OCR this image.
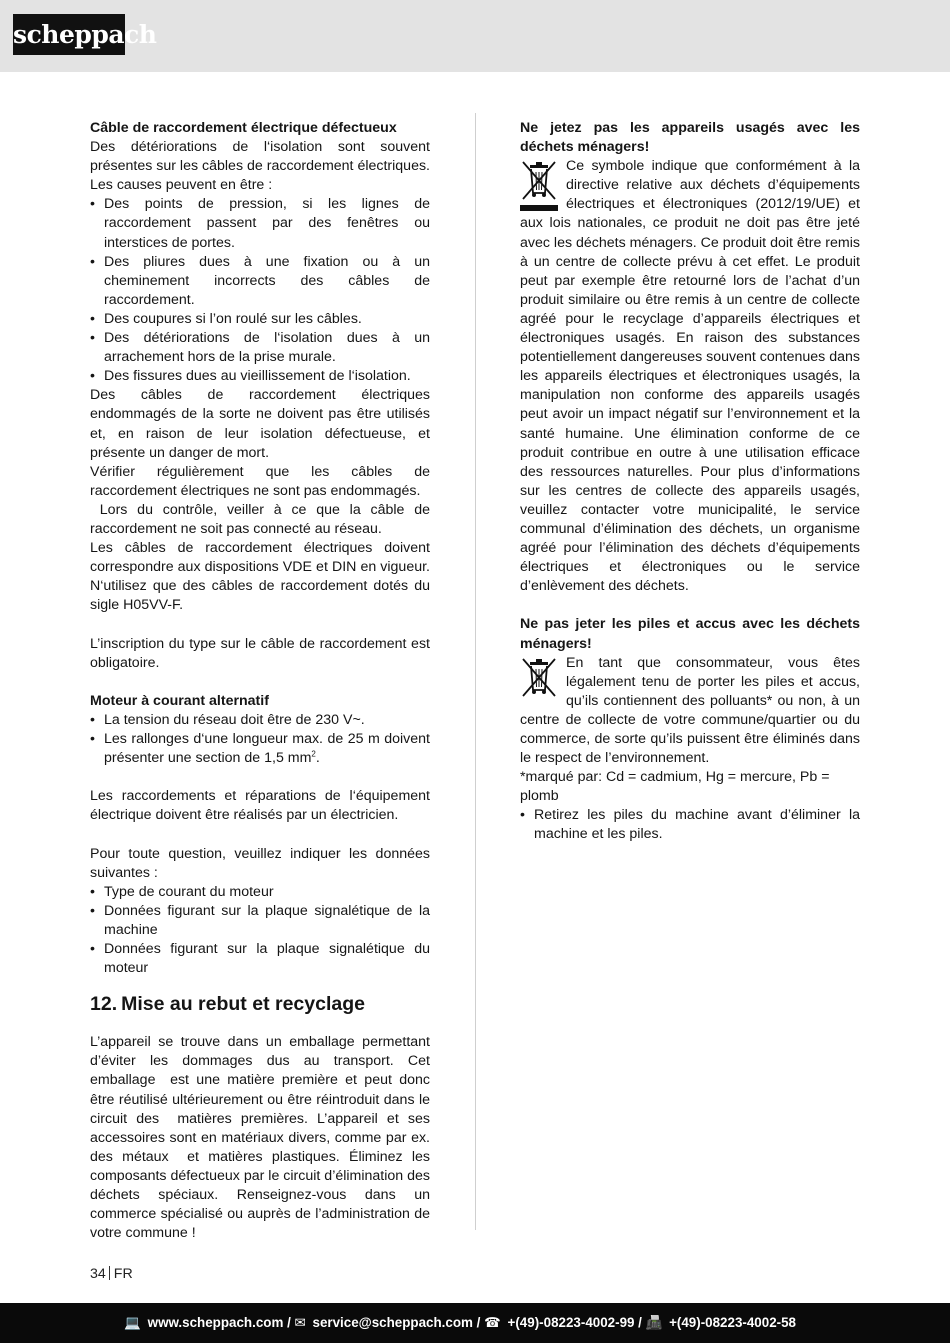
scheppach

Câble de raccordement électrique défectueux

Des détériorations de l‘isolation sont souvent présentes sur les câbles de raccordement électriques. Les causes peuvent en être :

• Des points de pression, si les lignes de raccordement passent par des fenêtres ou interstices de portes.
• Des pliures dues à une fixation ou à un cheminement incorrects des câbles de raccordement.
• Des coupures si l’on roulé sur les câbles.
• Des détériorations de l‘isolation dues à un arrachement hors de la prise murale.
• Des fissures dues au vieillissement de l‘isolation.

Des câbles de raccordement électriques endommagés de la sorte ne doivent pas être utilisés et, en raison de leur isolation défectueuse, et présente un danger de mort.

Vérifier régulièrement que les câbles de raccordement électriques ne sont pas endommagés.

Lors du contrôle, veiller à ce que la câble de raccordement ne soit pas connecté au réseau.

Les câbles de raccordement électriques doivent correspondre aux dispositions VDE et DIN en vigueur. N‘utilisez que des câbles de raccordement dotés du sigle H05VV-F.

L’inscription du type sur le câble de raccordement est obligatoire.

Moteur à courant alternatif

• La tension du réseau doit être de 230 V~.
• Les rallonges d‘une longueur max. de 25 m doivent présenter une section de 1,5 $mm^2$.

Les raccordements et réparations de l‘équipement électrique doivent être réalisés par un électricien.

Pour toute question, veuillez indiquer les données suivantes :

• Type de courant du moteur
• Données figurant sur la plaque signalétique de la machine
• Données figurant sur la plaque signalétique du moteur
12. Mise au rebut et recyclage

L’appareil se trouve dans un emballage permettant  d’éviter les dommages dus au transport. Cet emballage  est une matière première et peut donc être réutilisé ultérieurement ou être réintroduit dans le circuit des  matières premières. L’appareil et ses accessoires sont en matériaux divers, comme par ex. des métaux  et matières plastiques. Éliminez les composants défectueux par le circuit d’élimination des déchets spéciaux. Renseignez-vous dans un commerce spécialisé ou auprès de l’administration de votre commune !

Ne jetez pas les appareils usagés avec les déchets ménagers!

Ce symbole indique que conformément à la directive relative aux déchets d’équipements électriques et électroniques (2012/19/UE) et aux lois nationales, ce produit ne doit pas être jeté avec les déchets ménagers. Ce produit doit être remis à un centre de collecte prévu à cet effet. Le produit peut par exemple être retourné lors de l’achat d’un produit similaire ou être remis à un centre de collecte agréé pour le recyclage d’appareils électriques et électroniques usagés. En raison des substances potentiellement dangereuses souvent contenues dans les appareils électriques et électroniques usagés, la manipulation non conforme des appareils usagés peut avoir un impact négatif sur l’environnement et la santé humaine. Une élimination conforme de ce produit contribue en outre à une utilisation efficace des ressources naturelles. Pour plus d’informations sur les centres de collecte des appareils usagés, veuillez contacter votre municipalité, le service communal d’élimination des déchets, un organisme agréé pour l’élimination des déchets d’équipements électriques et électroniques ou le service d’enlèvement des déchets.

Ne pas jeter les piles et accus avec les déchets ménagers!

En tant que consommateur, vous êtes légalement tenu de porter les piles et accus, qu’ils contiennent des polluants* ou non, à un centre de collecte de votre commune/quartier ou du commerce, de sorte qu’ils puissent être éliminés dans le respect de l’environnement.

*marqué par: Cd = cadmium, Hg = mercure, Pb = plomb

• Retirez les piles du machine avant d’éliminer la machine et les piles.
34 FR
💻 www.scheppach.com / ✉ service@scheppach.com / ☎ +(49)-08223-4002-99 / 📠 +(49)-08223-4002-58
